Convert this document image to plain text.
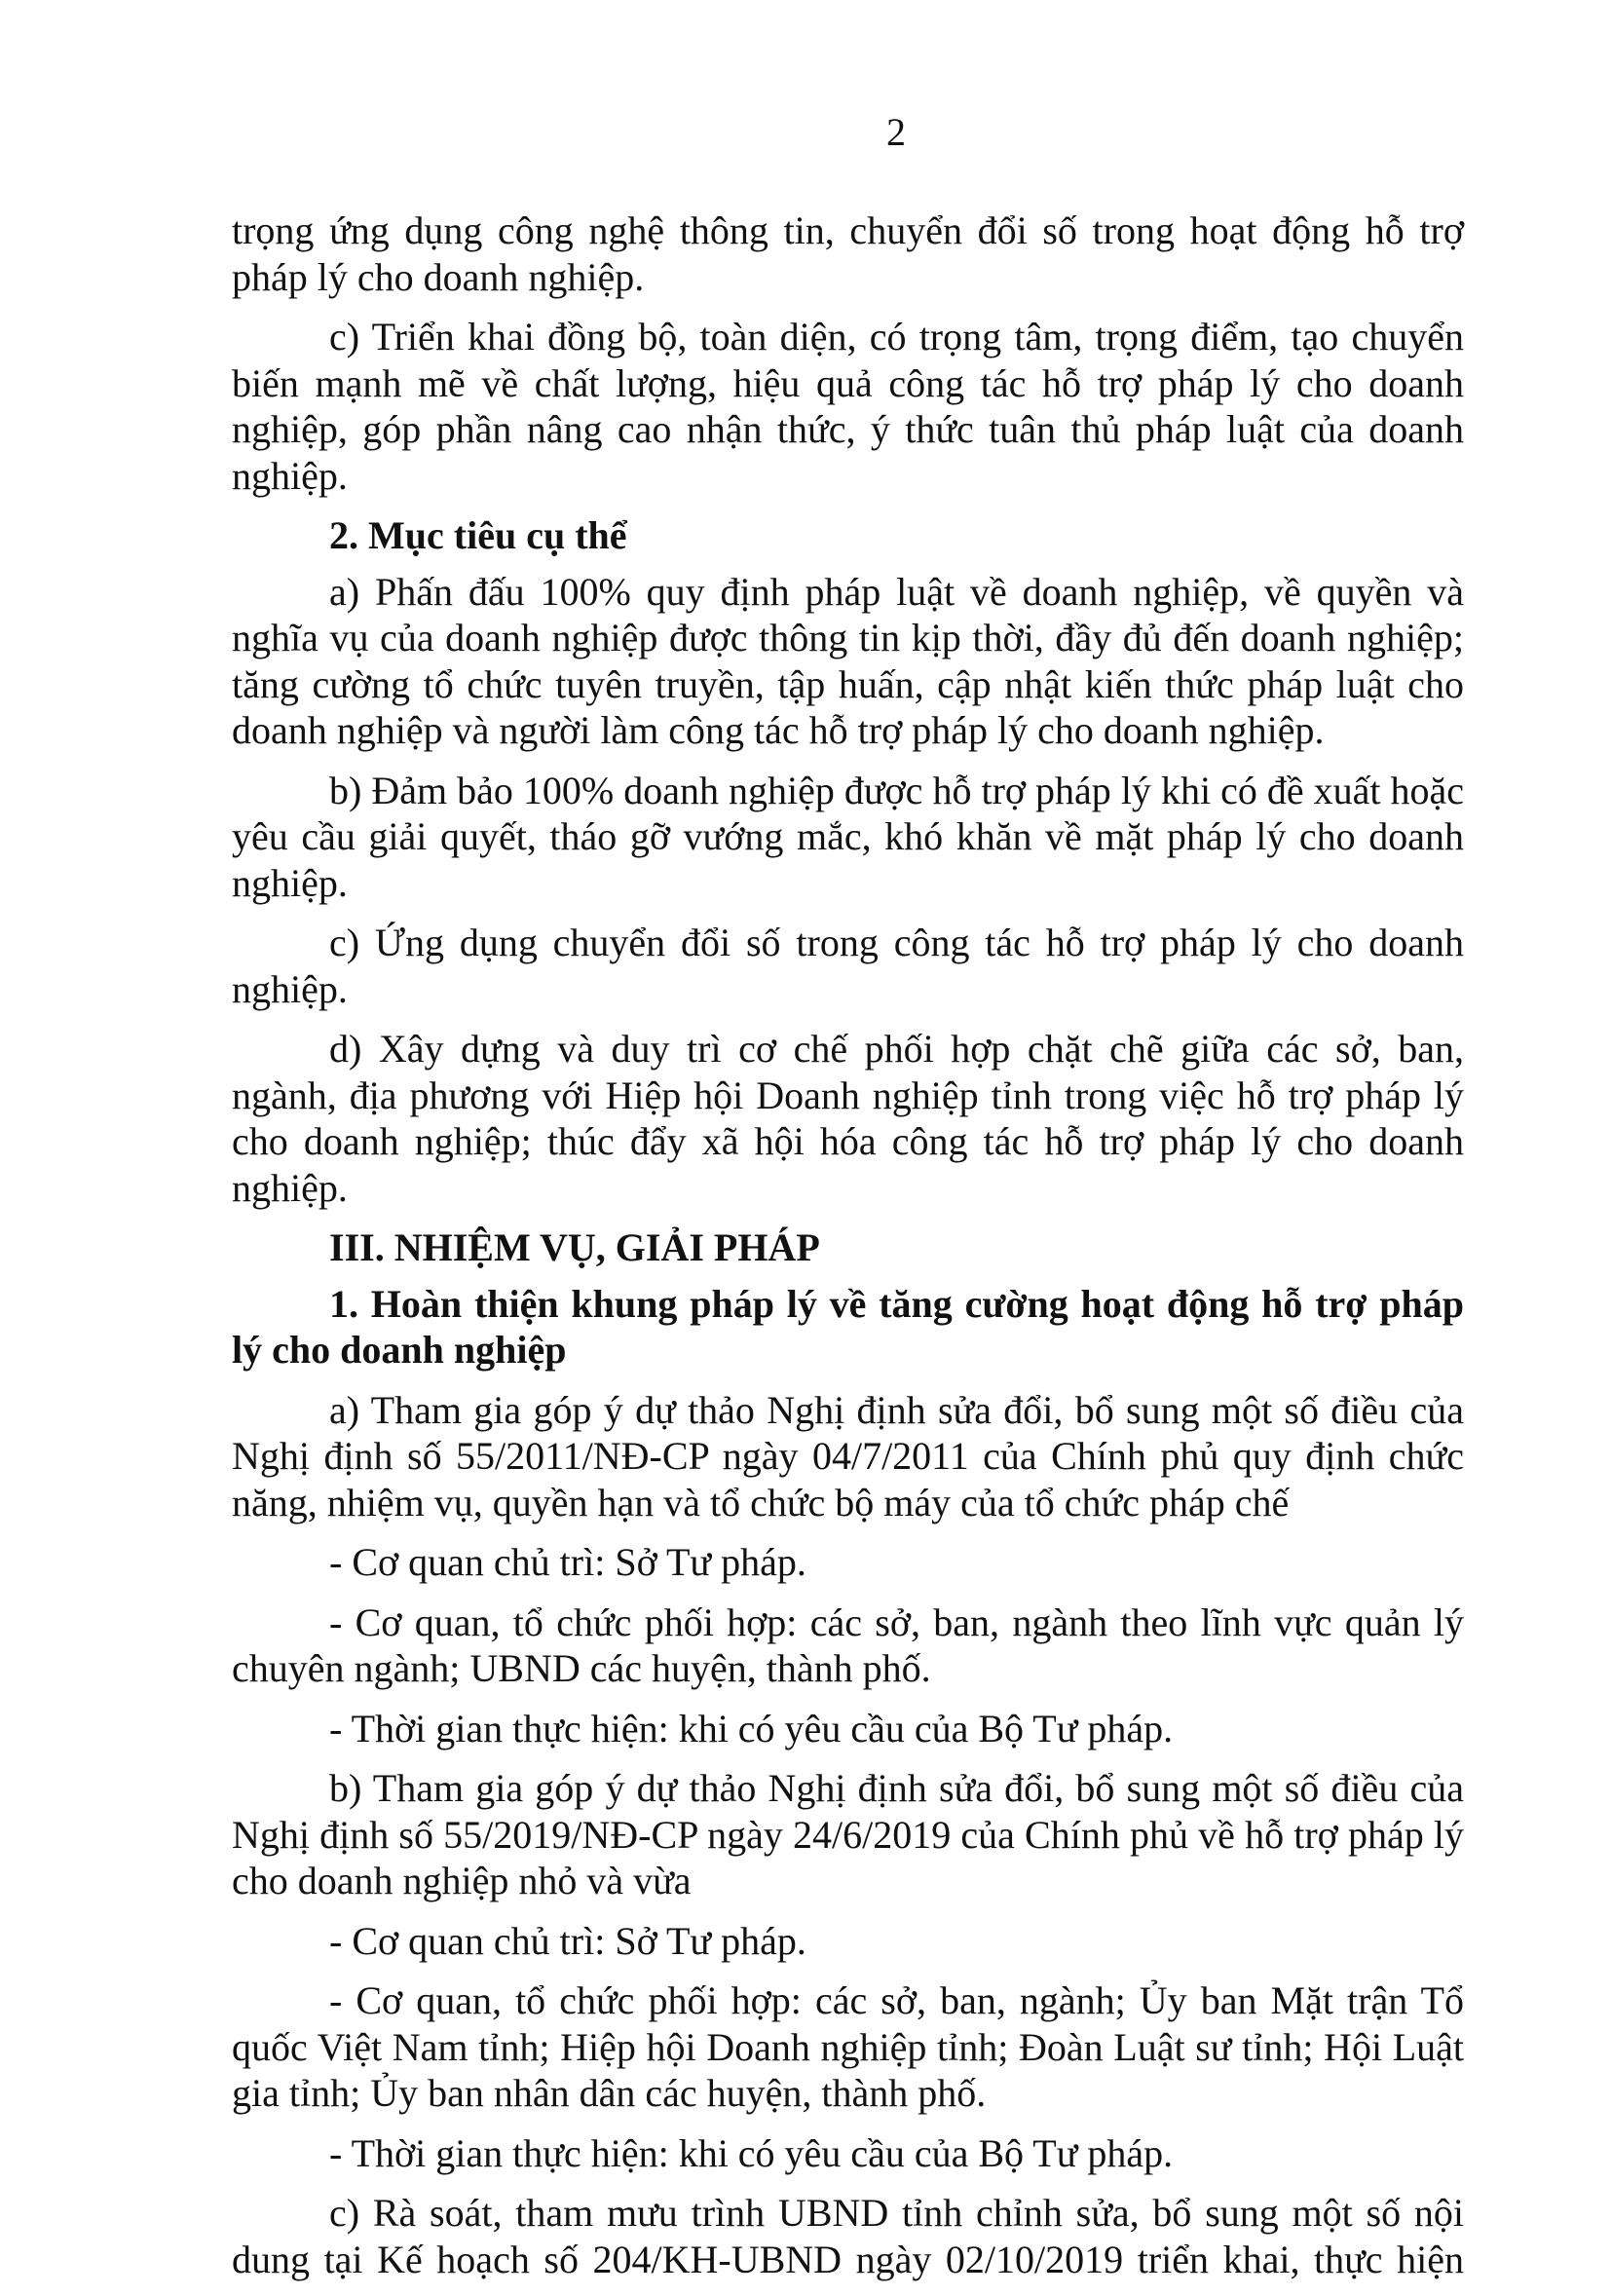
2

trọng ứng dụng công nghệ thông tin, chuyển đổi số trong hoạt động hỗ trợ pháp lý cho doanh nghiệp.

c) Triển khai đồng bộ, toàn diện, có trọng tâm, trọng điểm, tạo chuyển biến mạnh mẽ về chất lượng, hiệu quả công tác hỗ trợ pháp lý cho doanh nghiệp, góp phần nâng cao nhận thức, ý thức tuân thủ pháp luật của doanh nghiệp.

2. Mục tiêu cụ thể

a) Phấn đấu 100% quy định pháp luật về doanh nghiệp, về quyền và nghĩa vụ của doanh nghiệp được thông tin kịp thời, đầy đủ đến doanh nghiệp; tăng cường tổ chức tuyên truyền, tập huấn, cập nhật kiến thức pháp luật cho doanh nghiệp và người làm công tác hỗ trợ pháp lý cho doanh nghiệp.

b) Đảm bảo 100% doanh nghiệp được hỗ trợ pháp lý khi có đề xuất hoặc yêu cầu giải quyết, tháo gỡ vướng mắc, khó khăn về mặt pháp lý cho doanh nghiệp.

c) Ứng dụng chuyển đổi số trong công tác hỗ trợ pháp lý cho doanh nghiệp.

d) Xây dựng và duy trì cơ chế phối hợp chặt chẽ giữa các sở, ban, ngành, địa phương với Hiệp hội Doanh nghiệp tỉnh trong việc hỗ trợ pháp lý cho doanh nghiệp; thúc đẩy xã hội hóa công tác hỗ trợ pháp lý cho doanh nghiệp.

III. NHIỆM VỤ, GIẢI PHÁP

1. Hoàn thiện khung pháp lý về tăng cường hoạt động hỗ trợ pháp lý cho doanh nghiệp

a) Tham gia góp ý dự thảo Nghị định sửa đổi, bổ sung một số điều của Nghị định số 55/2011/NĐ-CP ngày 04/7/2011 của Chính phủ quy định chức năng, nhiệm vụ, quyền hạn và tổ chức bộ máy của tổ chức pháp chế

- Cơ quan chủ trì: Sở Tư pháp.

- Cơ quan, tổ chức phối hợp: các sở, ban, ngành theo lĩnh vực quản lý chuyên ngành; UBND các huyện, thành phố.

- Thời gian thực hiện: khi có yêu cầu của Bộ Tư pháp.

b) Tham gia góp ý dự thảo Nghị định sửa đổi, bổ sung một số điều của Nghị định số 55/2019/NĐ-CP ngày 24/6/2019 của Chính phủ về hỗ trợ pháp lý cho doanh nghiệp nhỏ và vừa

- Cơ quan chủ trì: Sở Tư pháp.

- Cơ quan, tổ chức phối hợp: các sở, ban, ngành; Ủy ban Mặt trận Tổ quốc Việt Nam tỉnh; Hiệp hội Doanh nghiệp tỉnh; Đoàn Luật sư tỉnh; Hội Luật gia tỉnh; Ủy ban nhân dân các huyện, thành phố.

- Thời gian thực hiện: khi có yêu cầu của Bộ Tư pháp.

c) Rà soát, tham mưu trình UBND tỉnh chỉnh sửa, bổ sung một số nội dung tại Kế hoạch số 204/KH-UBND ngày 02/10/2019 triển khai, thực hiện
